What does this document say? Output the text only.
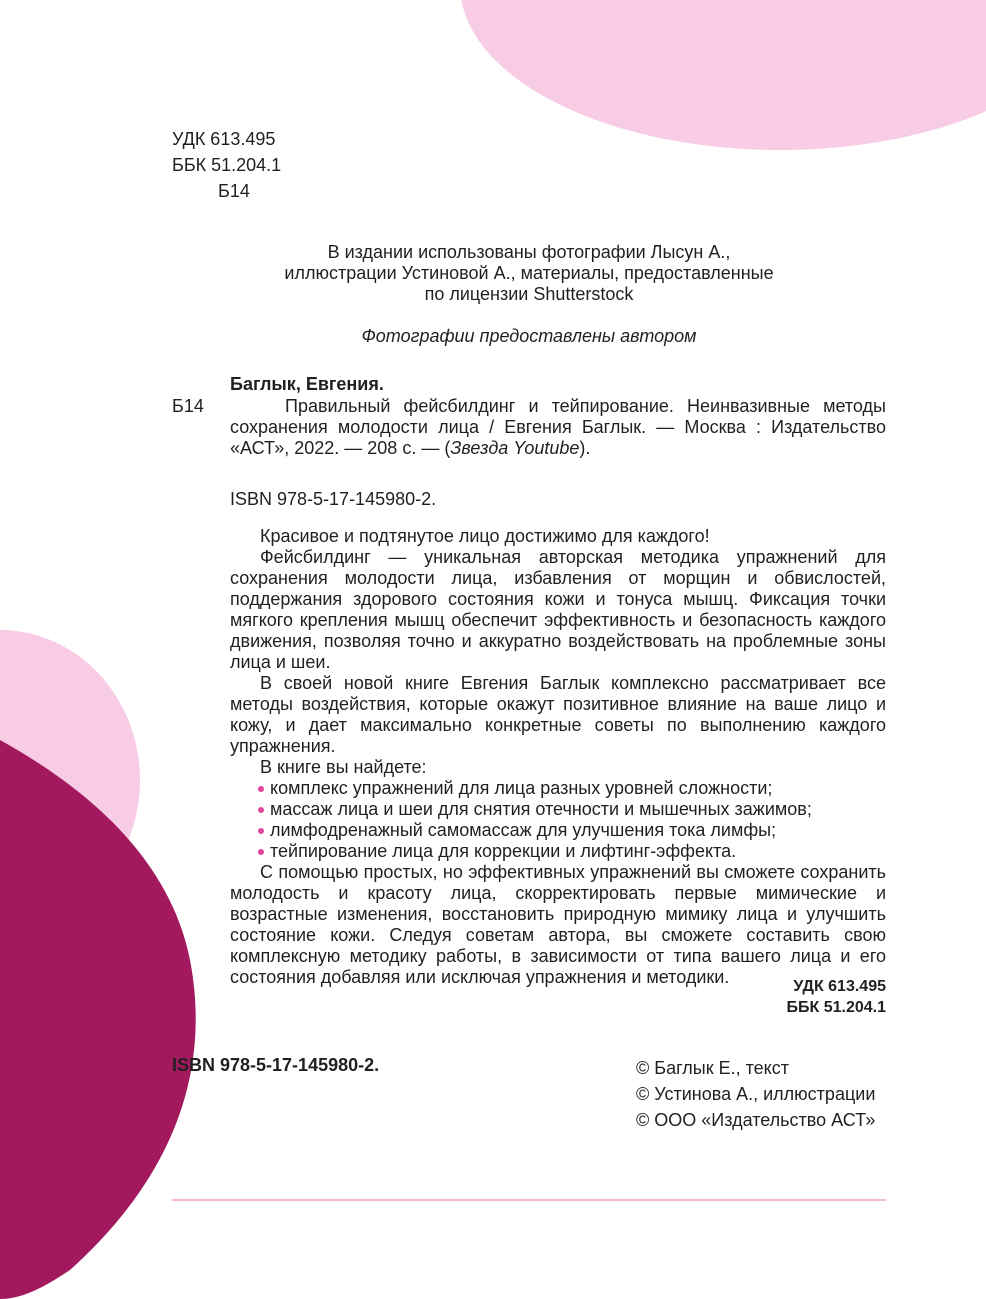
УДК 613.495
ББК 51.204.1
Б14
В издании использованы фотографии Лысун А.,
иллюстрации Устиновой А., материалы, предоставленные
по лицензии Shutterstock
Фотографии предоставлены автором
Баглык, Евгения.
Б14	Правильный фейсбилдинг и тейпирование. Неинвазивные методы сохранения молодости лица / Евгения Баглык. — Москва : Издательство «АСТ», 2022. — 208 с. — (Звезда Youtube).
ISBN 978-5-17-145980-2.
Красивое и подтянутое лицо достижимо для каждого!
Фейсбилдинг — уникальная авторская методика упражнений для сохранения молодости лица, избавления от морщин и обвислостей, поддержания здорового состояния кожи и тонуса мышц. Фиксация точки мягкого крепления мышц обеспечит эффективность и безопасность каждого движения, позволяя точно и аккуратно воздействовать на проблемные зоны лица и шеи.
В своей новой книге Евгения Баглык комплексно рассматривает все методы воздействия, которые окажут позитивное влияние на ваше лицо и кожу, и дает максимально конкретные советы по выполнению каждого упражнения.
В книге вы найдете:
комплекс упражнений для лица разных уровней сложности;
массаж лица и шеи для снятия отечности и мышечных зажимов;
лимфодренажный самомассаж для улучшения тока лимфы;
тейпирование лица для коррекции и лифтинг-эффекта.
С помощью простых, но эффективных упражнений вы сможете сохранить молодость и красоту лица, скорректировать первые мимические и возрастные изменения, восстановить природную мимику лица и улучшить состояние кожи. Следуя советам автора, вы сможете составить свою комплексную методику работы, в зависимости от типа вашего лица и его состояния добавляя или исключая упражнения и методики.	УДК 613.495
ББК 51.204.1
ISBN 978-5-17-145980-2.	© Баглык Е., текст
© Устинова А., иллюстрации
© ООО «Издательство АСТ»
